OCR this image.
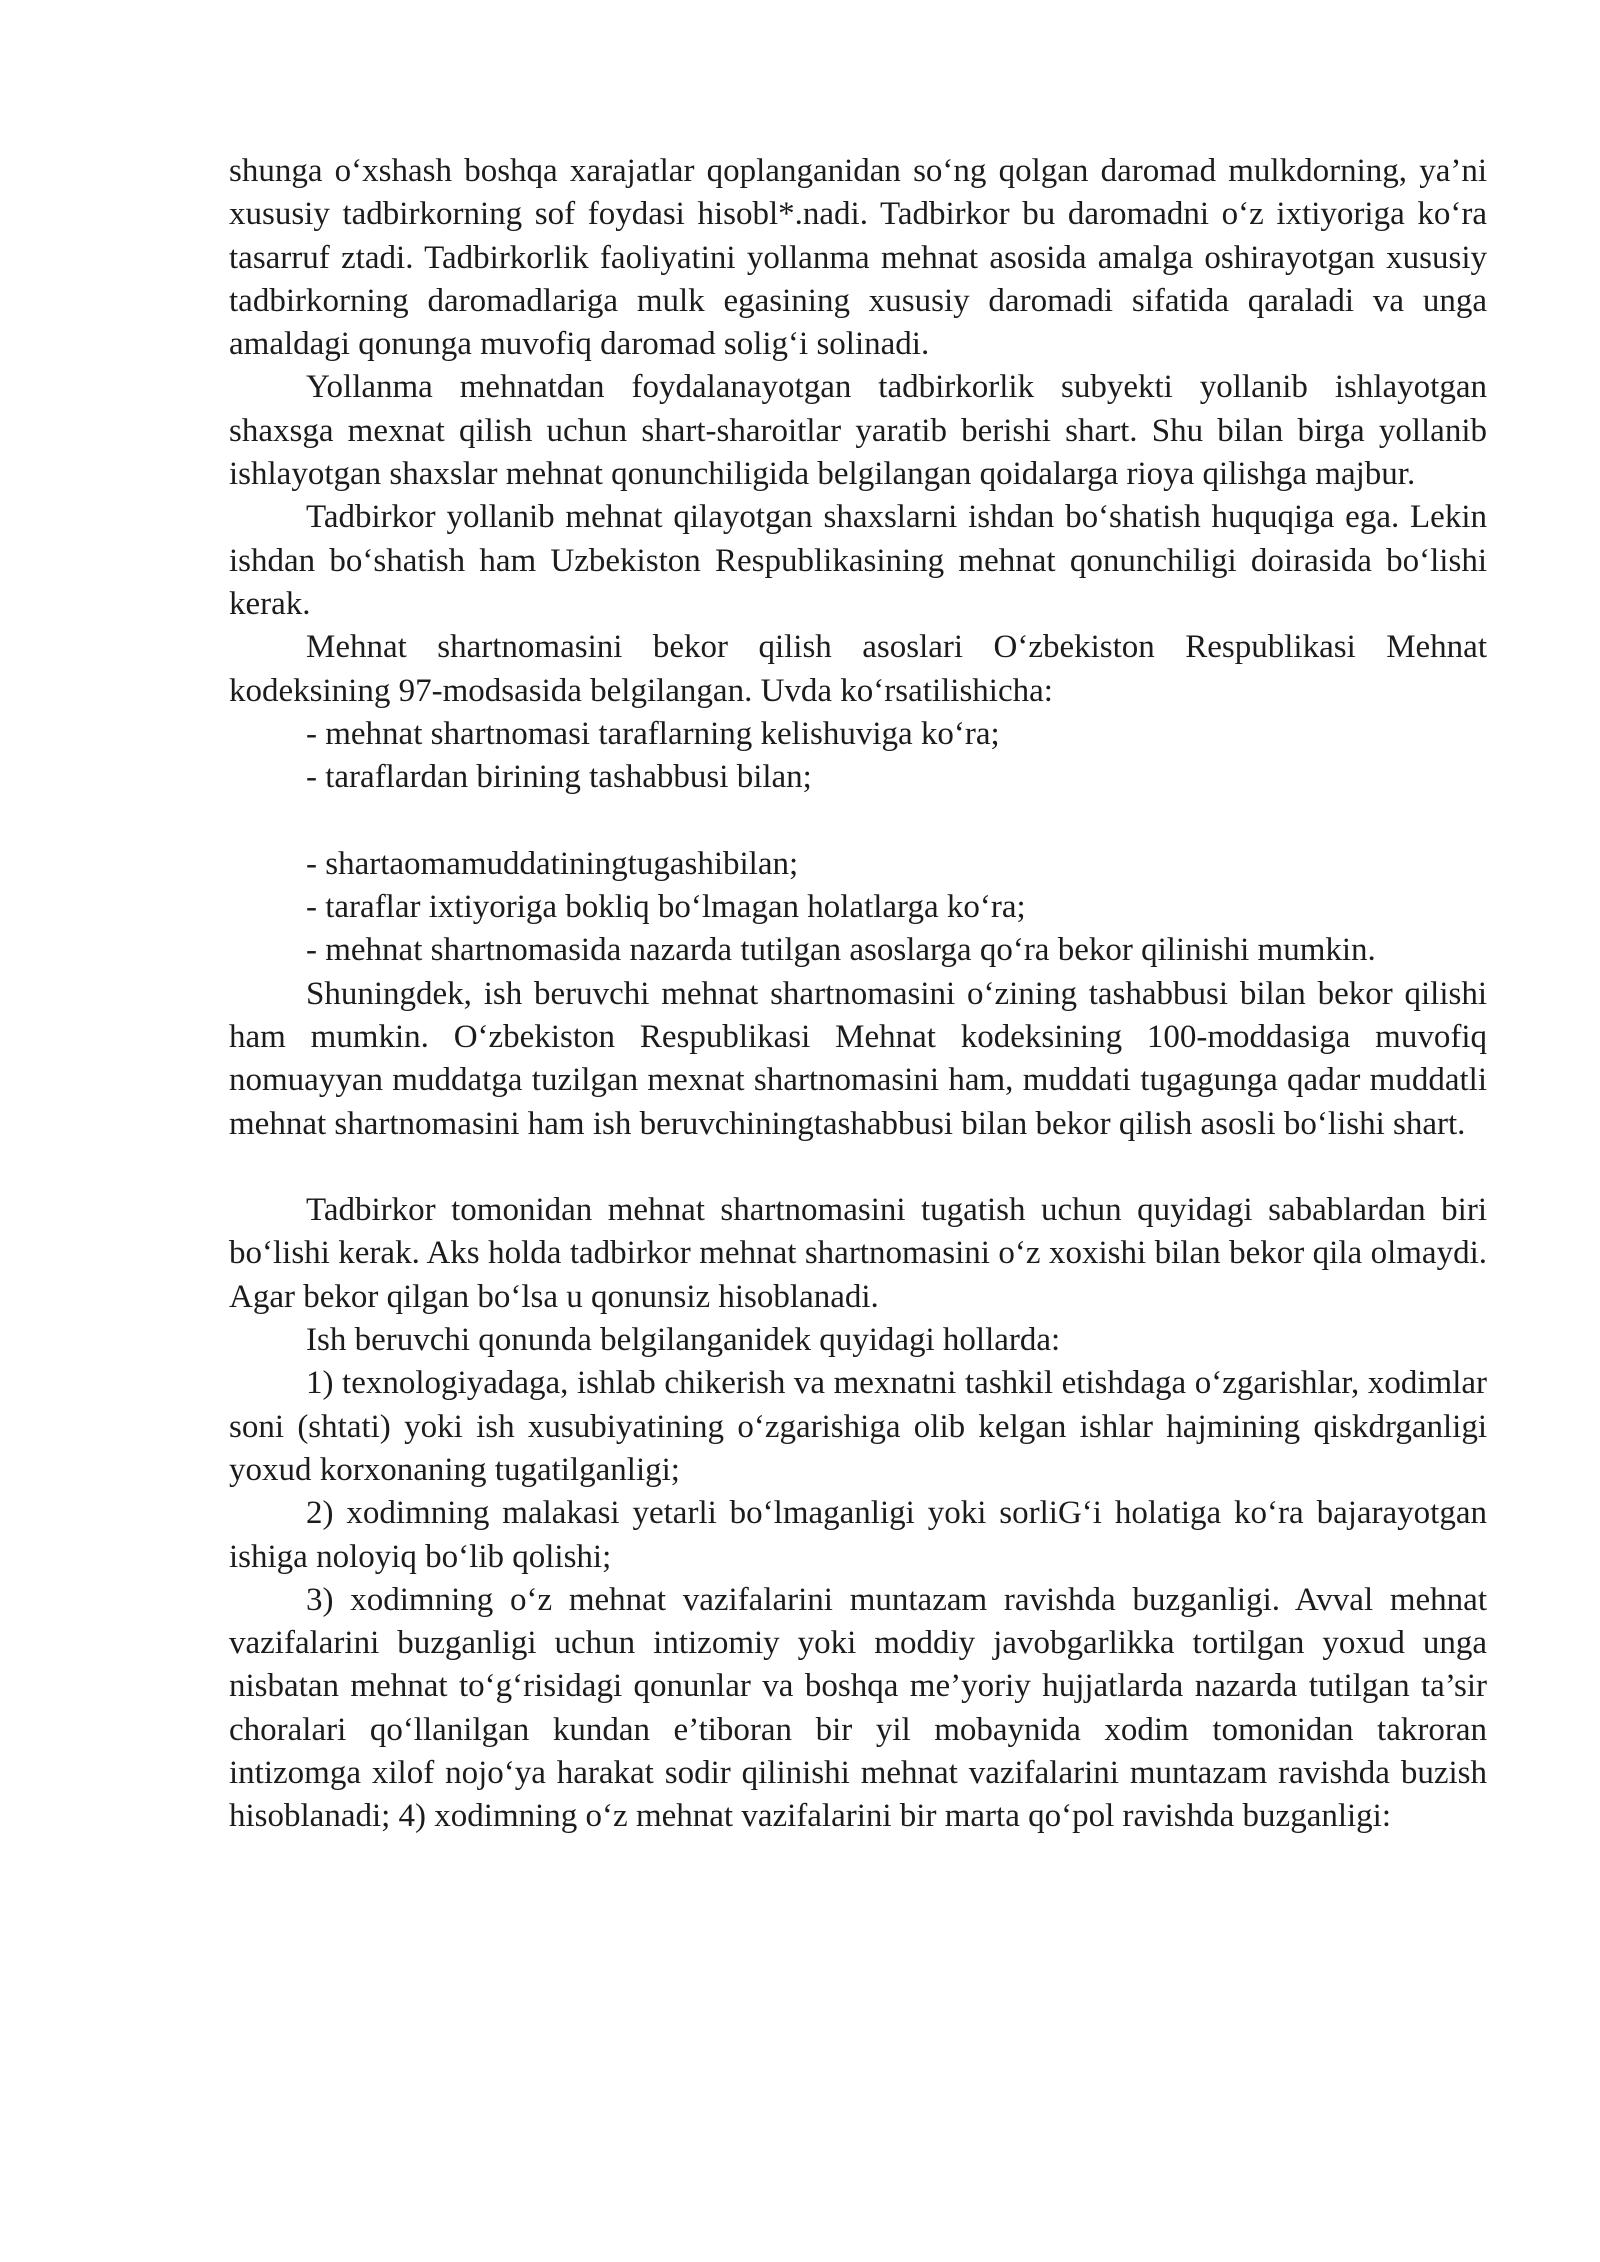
shunga o‘xshash boshqa xarajatlar qoplanganidan so‘ng qolgan daromad mulkdorning, ya’ni xususiy tadbirkorning sof foydasi hisobl*.nadi. Tadbirkor bu daromadni o‘z ixtiyoriga ko‘ra tasarruf ztadi. Tadbirkorlik faoliyatini yollanma mehnat asosida amalga oshirayotgan xususiy tadbirkorning daromadlariga mulk egasining xususiy daromadi sifatida qaraladi va unga amaldagi qonunga muvofiq daromad solig‘i solinadi.

Yollanma mehnatdan foydalanayotgan tadbirkorlik subyekti yollanib ishlayotgan shaxsga mexnat qilish uchun shart-sharoitlar yaratib berishi shart. Shu bilan birga yollanib ishlayotgan shaxslar mehnat qonunchiligida belgilangan qoidalarga rioya qilishga majbur.

Tadbirkor yollanib mehnat qilayotgan shaxslarni ishdan bo‘shatish huquqiga ega. Lekin ishdan bo‘shatish ham Uzbekiston Respublikasining mehnat qonunchiligi doirasida bo‘lishi kerak.

Mehnat shartnomasini bekor qilish asoslari O‘zbekiston Respublikasi Mehnat kodeksining 97-modsasida belgilangan. Uvda ko‘rsatilishicha:

- mehnat shartnomasi taraflarning kelishuviga ko‘ra;

- taraflardan birining tashabbusi bilan;

- shartaomamuddatiningtugashibilan;

- taraflar ixtiyoriga bokliq bo‘lmagan holatlarga ko‘ra;

- mehnat shartnomasida nazarda tutilgan asoslarga qo‘ra bekor qilinishi mumkin.

Shuningdek, ish beruvchi mehnat shartnomasini o‘zining tashabbusi bilan bekor qilishi ham mumkin. O‘zbekiston Respublikasi Mehnat kodeksining 100-moddasiga muvofiq nomuayyan muddatga tuzilgan mexnat shartnomasini ham, muddati tugagunga qadar muddatli mehnat shartnomasini ham ish beruvchiningtashabbusi bilan bekor qilish asosli bo‘lishi shart.

Tadbirkor tomonidan mehnat shartnomasini tugatish uchun quyidagi sabablardan biri bo‘lishi kerak. Aks holda tadbirkor mehnat shartnomasini o‘z xoxishi bilan bekor qila olmaydi. Agar bekor qilgan bo‘lsa u qonunsiz hisoblanadi.

Ish beruvchi qonunda belgilanganidek quyidagi hollarda:

1) texnologiyadaga, ishlab chikerish va mexnatni tashkil etishdaga o‘zgarishlar, xodimlar soni (shtati) yoki ish xusubiyatining o‘zgarishiga olib kelgan ishlar hajmining qiskdrganligi yoxud korxonaning tugatilganligi;

2) xodimning malakasi yetarli bo‘lmaganligi yoki sorliG‘i holatiga ko‘ra bajarayotgan ishiga noloyiq bo‘lib qolishi;

3) xodimning o‘z mehnat vazifalarini muntazam ravishda buzganligi. Avval mehnat vazifalarini buzganligi uchun intizomiy yoki moddiy javobgarlikka tortilgan yoxud unga nisbatan mehnat to‘g‘risidagi qonunlar va boshqa me’yoriy hujjatlarda nazarda tutilgan ta’sir choralari qo‘llanilgan kundan e’tiboran bir yil mobaynida xodim tomonidan takroran intizomga xilof nojo‘ya harakat sodir qilinishi mehnat vazifalarini muntazam ravishda buzish hisoblanadi; 4) xodimning o‘z mehnat vazifalarini bir marta qo‘pol ravishda buzganligi:
